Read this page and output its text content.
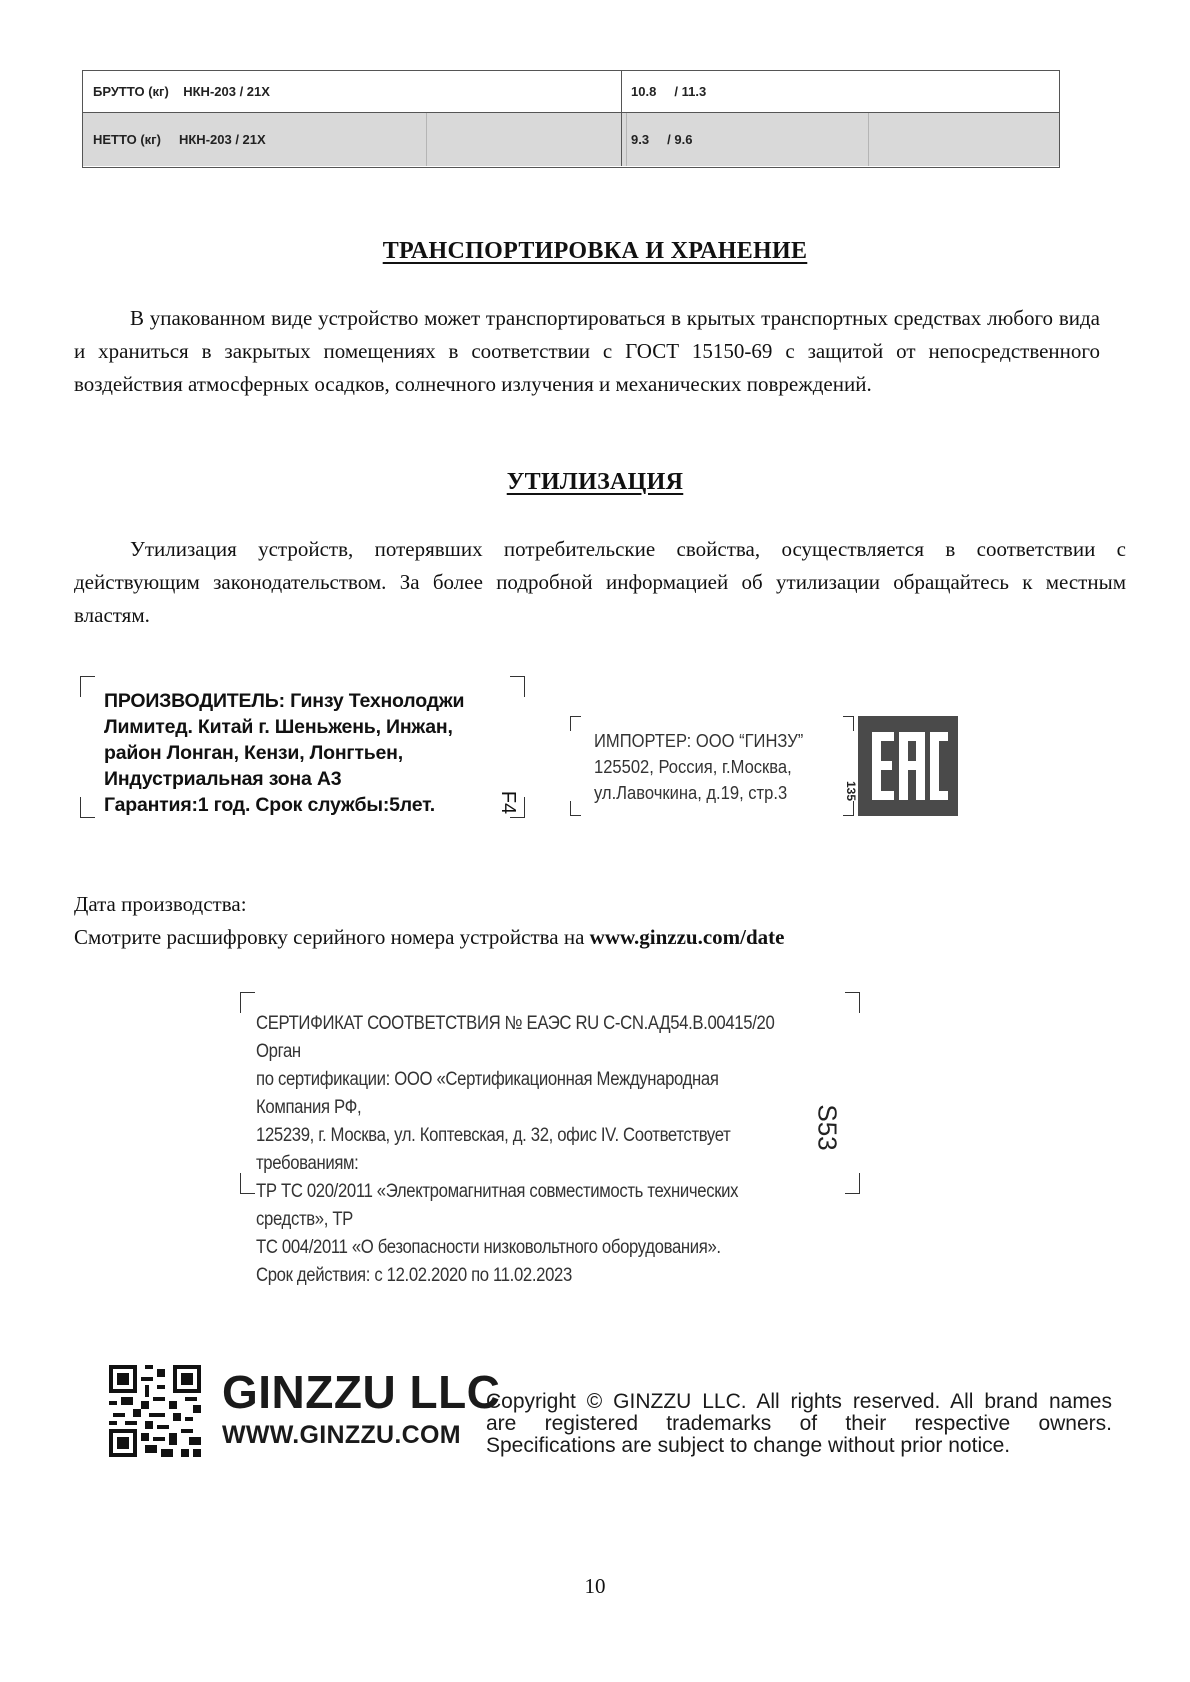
БРУТТО (кг)    НКН-203 / 21X	10.8     / 11.3
НЕТТО (кг)     НКН-203 / 21X	9.3     / 9.6
ТРАНСПОРТИРОВКА И ХРАНЕНИЕ

В упакованном виде устройство может транспортироваться в крытых транспортных средствах любого вида и храниться в закрытых помещениях в соответствии с ГОСТ 15150-69 с защитой от непосредственного воздействия атмосферных осадков, солнечного излучения и механических повреждений.

УТИЛИЗАЦИЯ

Утилизация устройств, потерявших потребительские свойства, осуществляется в соответствии с действующим законодательством. За более подробной информацией об утилизации обращайтесь к местным властям.

ПРОИЗВОДИТЕЛЬ: Гинзу Технолоджи
Лимитед. Китай г. Шеньжень, Инжан,
район Лонган, Кензи, Лонгтьен,
Индустриальная зона А3
Гарантия:1 год. Срок службы:5лет.	F4
ИМПОРТЕР: ООО “ГИНЗУ”
125502, Россия, г.Москва,
ул.Лавочкина, д.19, стр.3	135
Дата производства:
Смотрите расшифровку серийного номера устройства на www.ginzzu.com/date
СЕРТИФИКАТ СООТВЕТСТВИЯ № ЕАЭС RU C-CN.АД54.В.00415/20 Орган
по сертификации: ООО «Сертификационная Международная Компания РФ,
125239, г. Москва, ул. Коптевская, д. 32, офис IV. Соответствует требованиям:
ТР ТС 020/2011 «Электромагнитная совместимость технических средств», ТР
ТС 004/2011 «О безопасности низковольтного оборудования».
Срок действия: с 12.02.2020 по 11.02.2023
S53
GINZZU LLC
WWW.GINZZU.COM
Copyright © GINZZU LLC. All rights reserved. All brand names
are registered trademarks of their respective owners.
Specifications are subject to change without prior notice.
10
